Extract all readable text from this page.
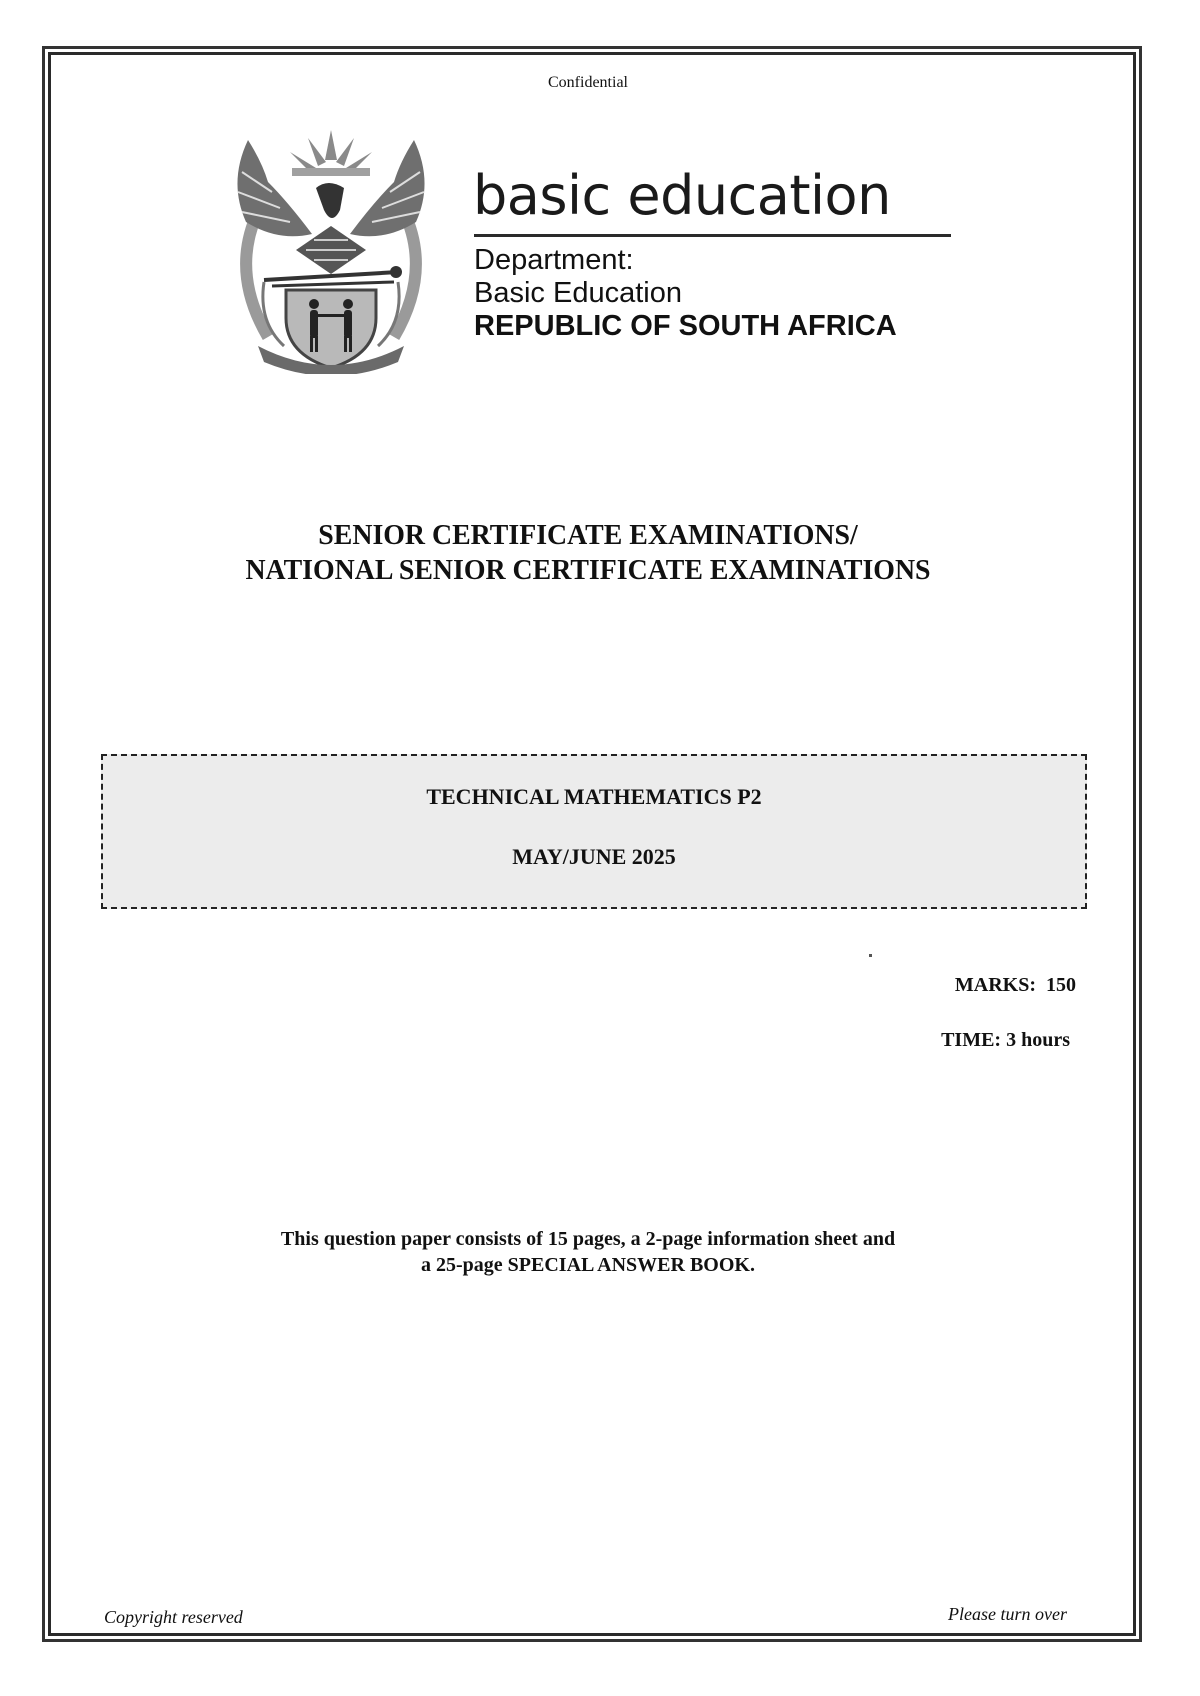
Confidential
basic education
Department:
Basic Education
REPUBLIC OF SOUTH AFRICA
SENIOR CERTIFICATE EXAMINATIONS/
NATIONAL SENIOR CERTIFICATE EXAMINATIONS
TECHNICAL MATHEMATICS P2
MAY/JUNE 2025
MARKS:  150
TIME: 3 hours
This question paper consists of 15 pages, a 2-page information sheet and
a 25-page SPECIAL ANSWER BOOK.
Copyright reserved	Please turn over
